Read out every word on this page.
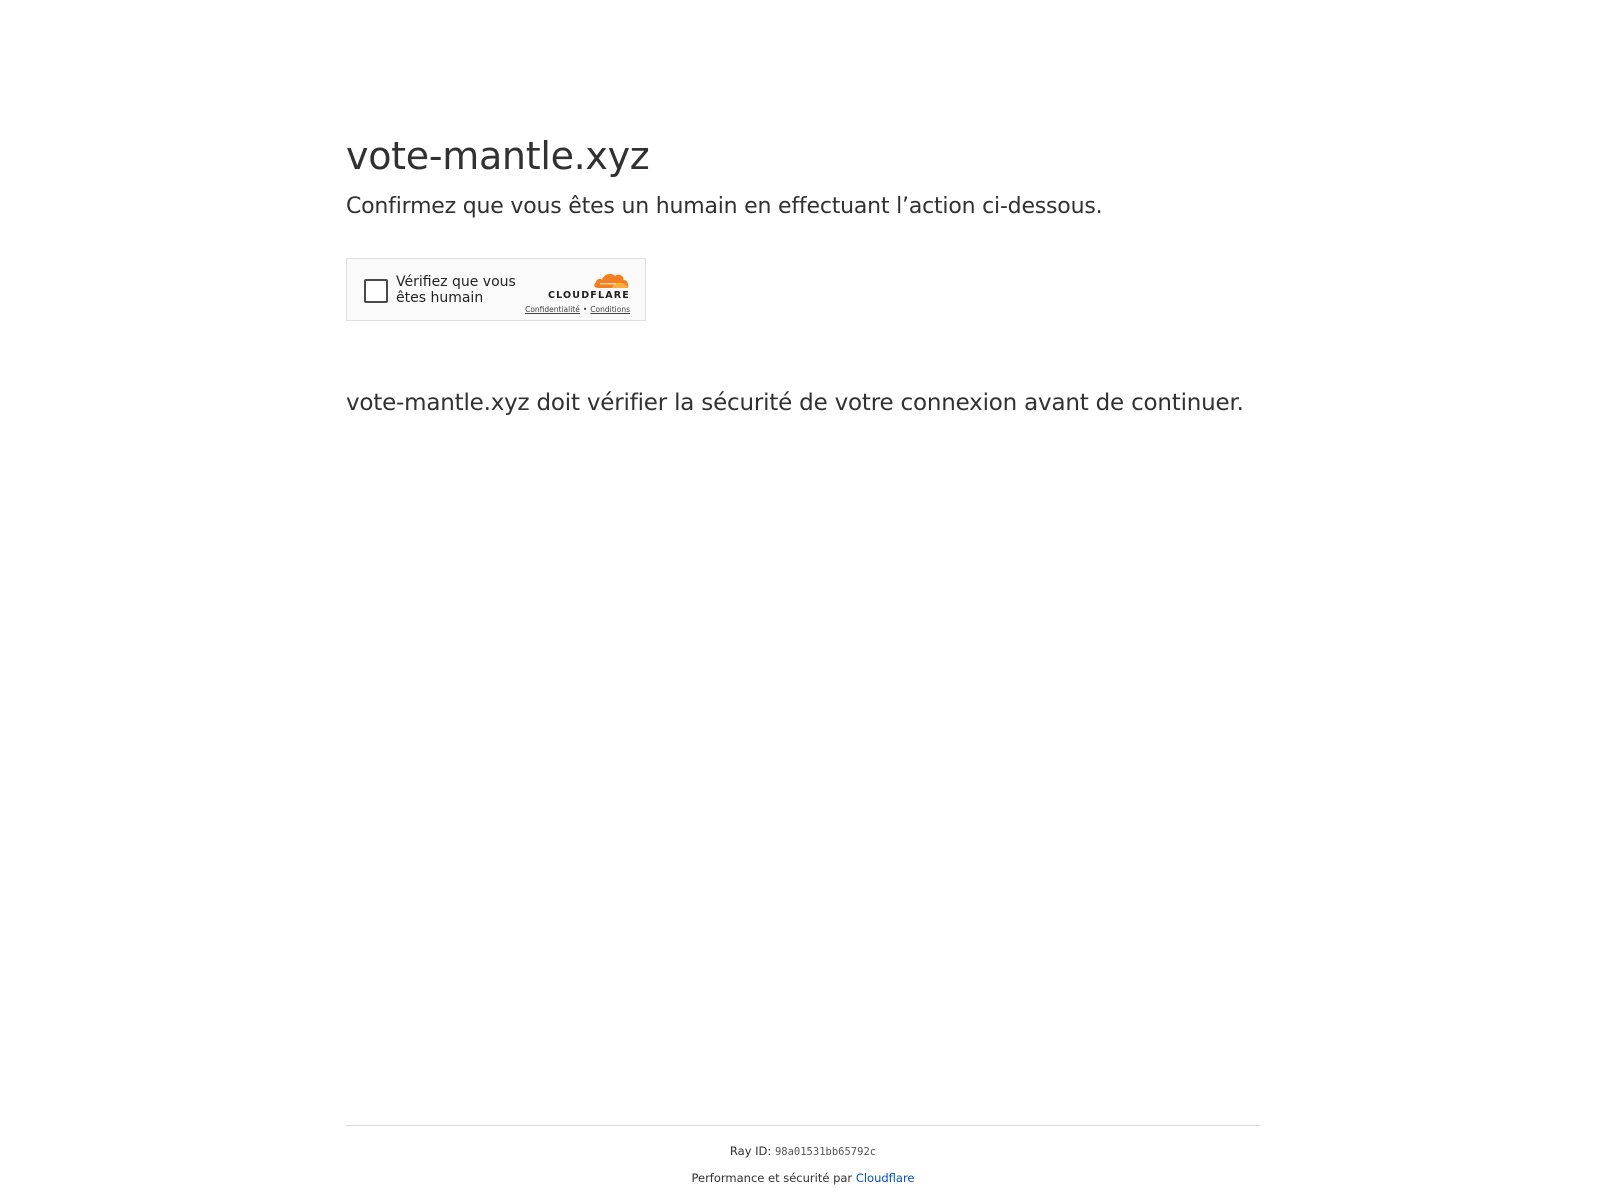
vote-mantle.xyz
Confirmez que vous êtes un humain en effectuant l’action ci-dessous.
Vérifiez que vous êtes humain	CLOUDFLARE
Confidentialité • Conditions
vote-mantle.xyz doit vérifier la sécurité de votre connexion avant de continuer.
Ray ID: 98a01531bb65792c
Performance et sécurité par Cloudflare
